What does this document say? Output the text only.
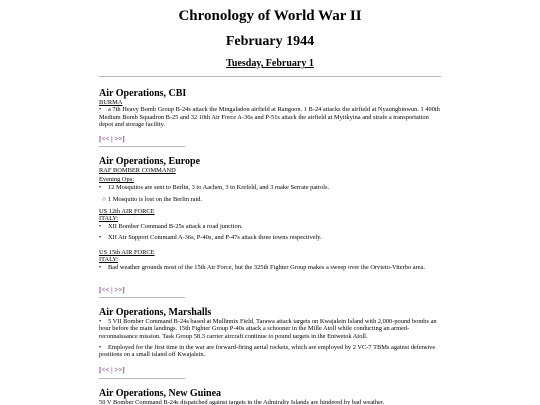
Chronology of World War II
February 1944
Tuesday, February 1
Air Operations, CBI

BURMA

• a 7th Heavy Bomb Group B-24s attack the Mingaladon airfield at Rangoon. 1 B-24 attacks the airfield at Nyaungbinwun. 1 490th Medium Bomb Squadron B-25 and 32 10th Air Force A-36s and P-51s attack the airfield at Myitkyina and strafe a transportation depot and storage facility.

[<< | >>]
Air Operations, Europe

RAF BOMBER COMMAND

Evening Ops:

• 12 Mosquitos are sent to Berlin, 3 to Aachen, 3 to Krefeld, and 3 make Serrate patrols.

○ 1 Mosquito is lost on the Berlin raid.

US 12th AIR FORCE

ITALY:

• XII Bomber Command B-25s attack a road junction.

• XII Air Support Command A-36s, P-40s, and P-47s attack three towns respectively.

US 15th AIR FORCE

ITALY:

• Bad weather grounds most of the 15th Air Force, but the 325th Fighter Group makes a sweep over the Orvieto-Viterbo area.

[<< | >>]
Air Operations, Marshalls

• 5 VII Bomber Command B-24s based at Mullinnix Field, Tarawa attack targets on Kwajalein Island with 2,000-pound bombs an hour before the main landings. 15th Fighter Group P-40s attack a schooner in the Mille Atoll while conducting an armed-reconnaissance mission. Task Group 58.3 carrier aircraft continue to pound targets in the Eniwetok Atoll.

• Employed for the first time in the war are forward-firing aerial rockets, which are employed by 2 VC-7 TBMs against defensive positions on a small island off Kwajalein.

[<< | >>]
Air Operations, New Guinea

50 V Bomber Command B-24s dispatched against targets in the Admiralty Islands are hindered by bad weather.
